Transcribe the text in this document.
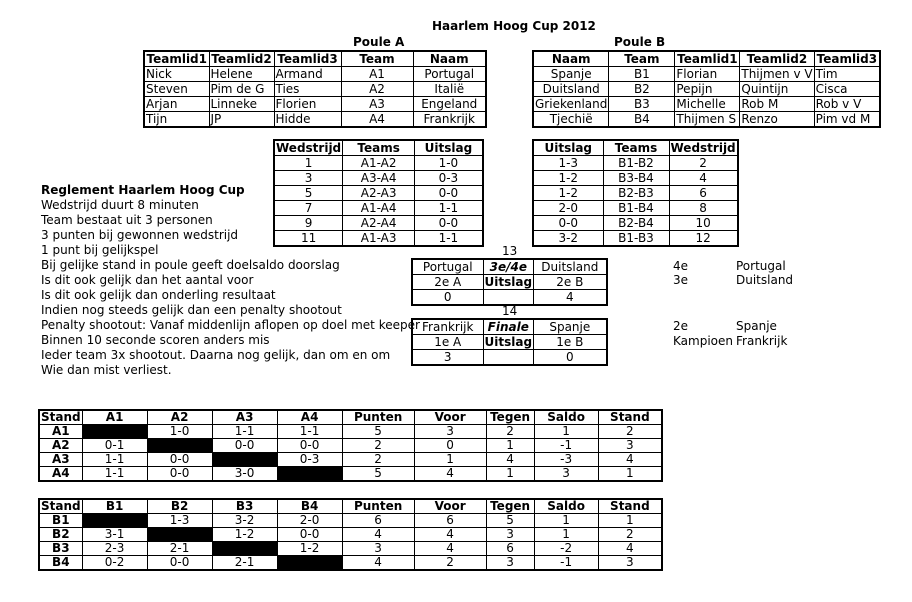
Haarlem Hoog Cup 2012
Poule A	Poule B
Teamlid1	Teamlid2	Teamlid3	Team	Naam
Nick	Helene	Armand	A1	Portugal
Steven	Pim de G	Ties	A2	Italië
Arjan	Linneke	Florien	A3	Engeland
Tijn	JP	Hidde	A4	Frankrijk
Naam	Team	Teamlid1	Teamlid2	Teamlid3
Spanje	B1	Florian	Thijmen v V	Tim
Duitsland	B2	Pepijn	Quintijn	Cisca
Griekenland	B3	Michelle	Rob M	Rob v V
Tjechië	B4	Thijmen S	Renzo	Pim vd M
Wedstrijd	Teams	Uitslag
1	A1-A2	1-0
3	A3-A4	0-3
5	A2-A3	0-0
7	A1-A4	1-1
9	A2-A4	0-0
11	A1-A3	1-1
Uitslag	Teams	Wedstrijd
1-3	B1-B2	2
1-2	B3-B4	4
1-2	B2-B3	6
2-0	B1-B4	8
0-0	B2-B4	10
3-2	B1-B3	12
Reglement Haarlem Hoog Cup
Wedstrijd duurt 8 minuten
Team bestaat uit 3 personen
3 punten bij gewonnen wedstrijd
1 punt bij gelijkspel
Bij gelijke stand in poule geeft doelsaldo doorslag
Is dit ook gelijk dan het aantal voor
Is dit ook gelijk dan onderling resultaat
Indien nog steeds gelijk dan een penalty shootout
Penalty shootout: Vanaf middenlijn aflopen op doel met keeper
Binnen 10 seconde scoren anders mis
Ieder team 3x shootout. Daarna nog gelijk, dan om en om
Wie dan mist verliest.
13
14
Portugal	3e/4e	Duitsland
2e A	Uitslag	2e B
0		4
Frankrijk	Finale	Spanje
1e A	Uitslag	1e B
3		0
4e	Portugal
3e	Duitsland
2e	Spanje
Kampioen Frankrijk
Stand	A1	A2	A3	A4	Punten	Voor	Tegen	Saldo	Stand
A1		1-0	1-1	1-1	5	3	2	1	2
A2	0-1		0-0	0-0	2	0	1	-1	3
A3	1-1	0-0		0-3	2	1	4	-3	4
A4	1-1	0-0	3-0		5	4	1	3	1
Stand	B1	B2	B3	B4	Punten	Voor	Tegen	Saldo	Stand
B1		1-3	3-2	2-0	6	6	5	1	1
B2	3-1		1-2	0-0	4	4	3	1	2
B3	2-3	2-1		1-2	3	4	6	-2	4
B4	0-2	0-0	2-1		4	2	3	-1	3
